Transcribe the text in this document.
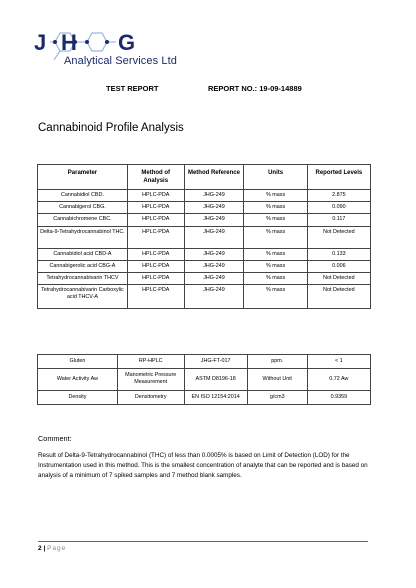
J H G
Analytical Services Ltd
TEST REPORT	REPORT NO.: 19-09-14889
Cannabinoid Profile Analysis
Parameter	Method of Analysis	Method Reference	Units	Reported Levels
Cannabidiol CBD.	HPLC-PDA	JHG-249	% mass	2.875
Cannabigerol CBG.	HPLC-PDA	JHG-249	% mass	0.090
Cannabichromene CBC.	HPLC-PDA	JHG-249	% mass	0.117
Delta-9-Tetrahydrocannabinol THC.	HPLC-PDA	JHG-249	% mass	Not Detected
Cannabidiol acid CBD-A	HPLC-PDA	JHG-249	% mass	0.133
Cannabigerolic acid CBG-A	HPLC-PDA	JHG-249	% mass	0.006
Tetrahydrocannabivarin THCV	HPLC-PDA	JHG-249	% mass	Not Detected
Tetrahydrocannabivarin Carboxylic acid THCV-A	HPLC-PDA	JHG-249	% mass	Not Detected
Gluten	RP-HPLC	JHG-FT-017	ppm.	< 1
Water Activity Aw	Manometric Pressure Measurement	ASTM D8196-18	Without Unit	0.72 Aw
Density	Densitometry	EN ISO 12154:2014	g/cm3	0.9359
Comment:
Result of Delta-9-Tetrahydrocannabinol (THC) of less than 0.0005% is based on Limit of Detection (LOD) for the Instrumentation used in this method. This is the smallest concentration of analyte that can be reported and is based on analysis of a minimum of 7 spiked samples and 7 method blank samples.
2 | Page
